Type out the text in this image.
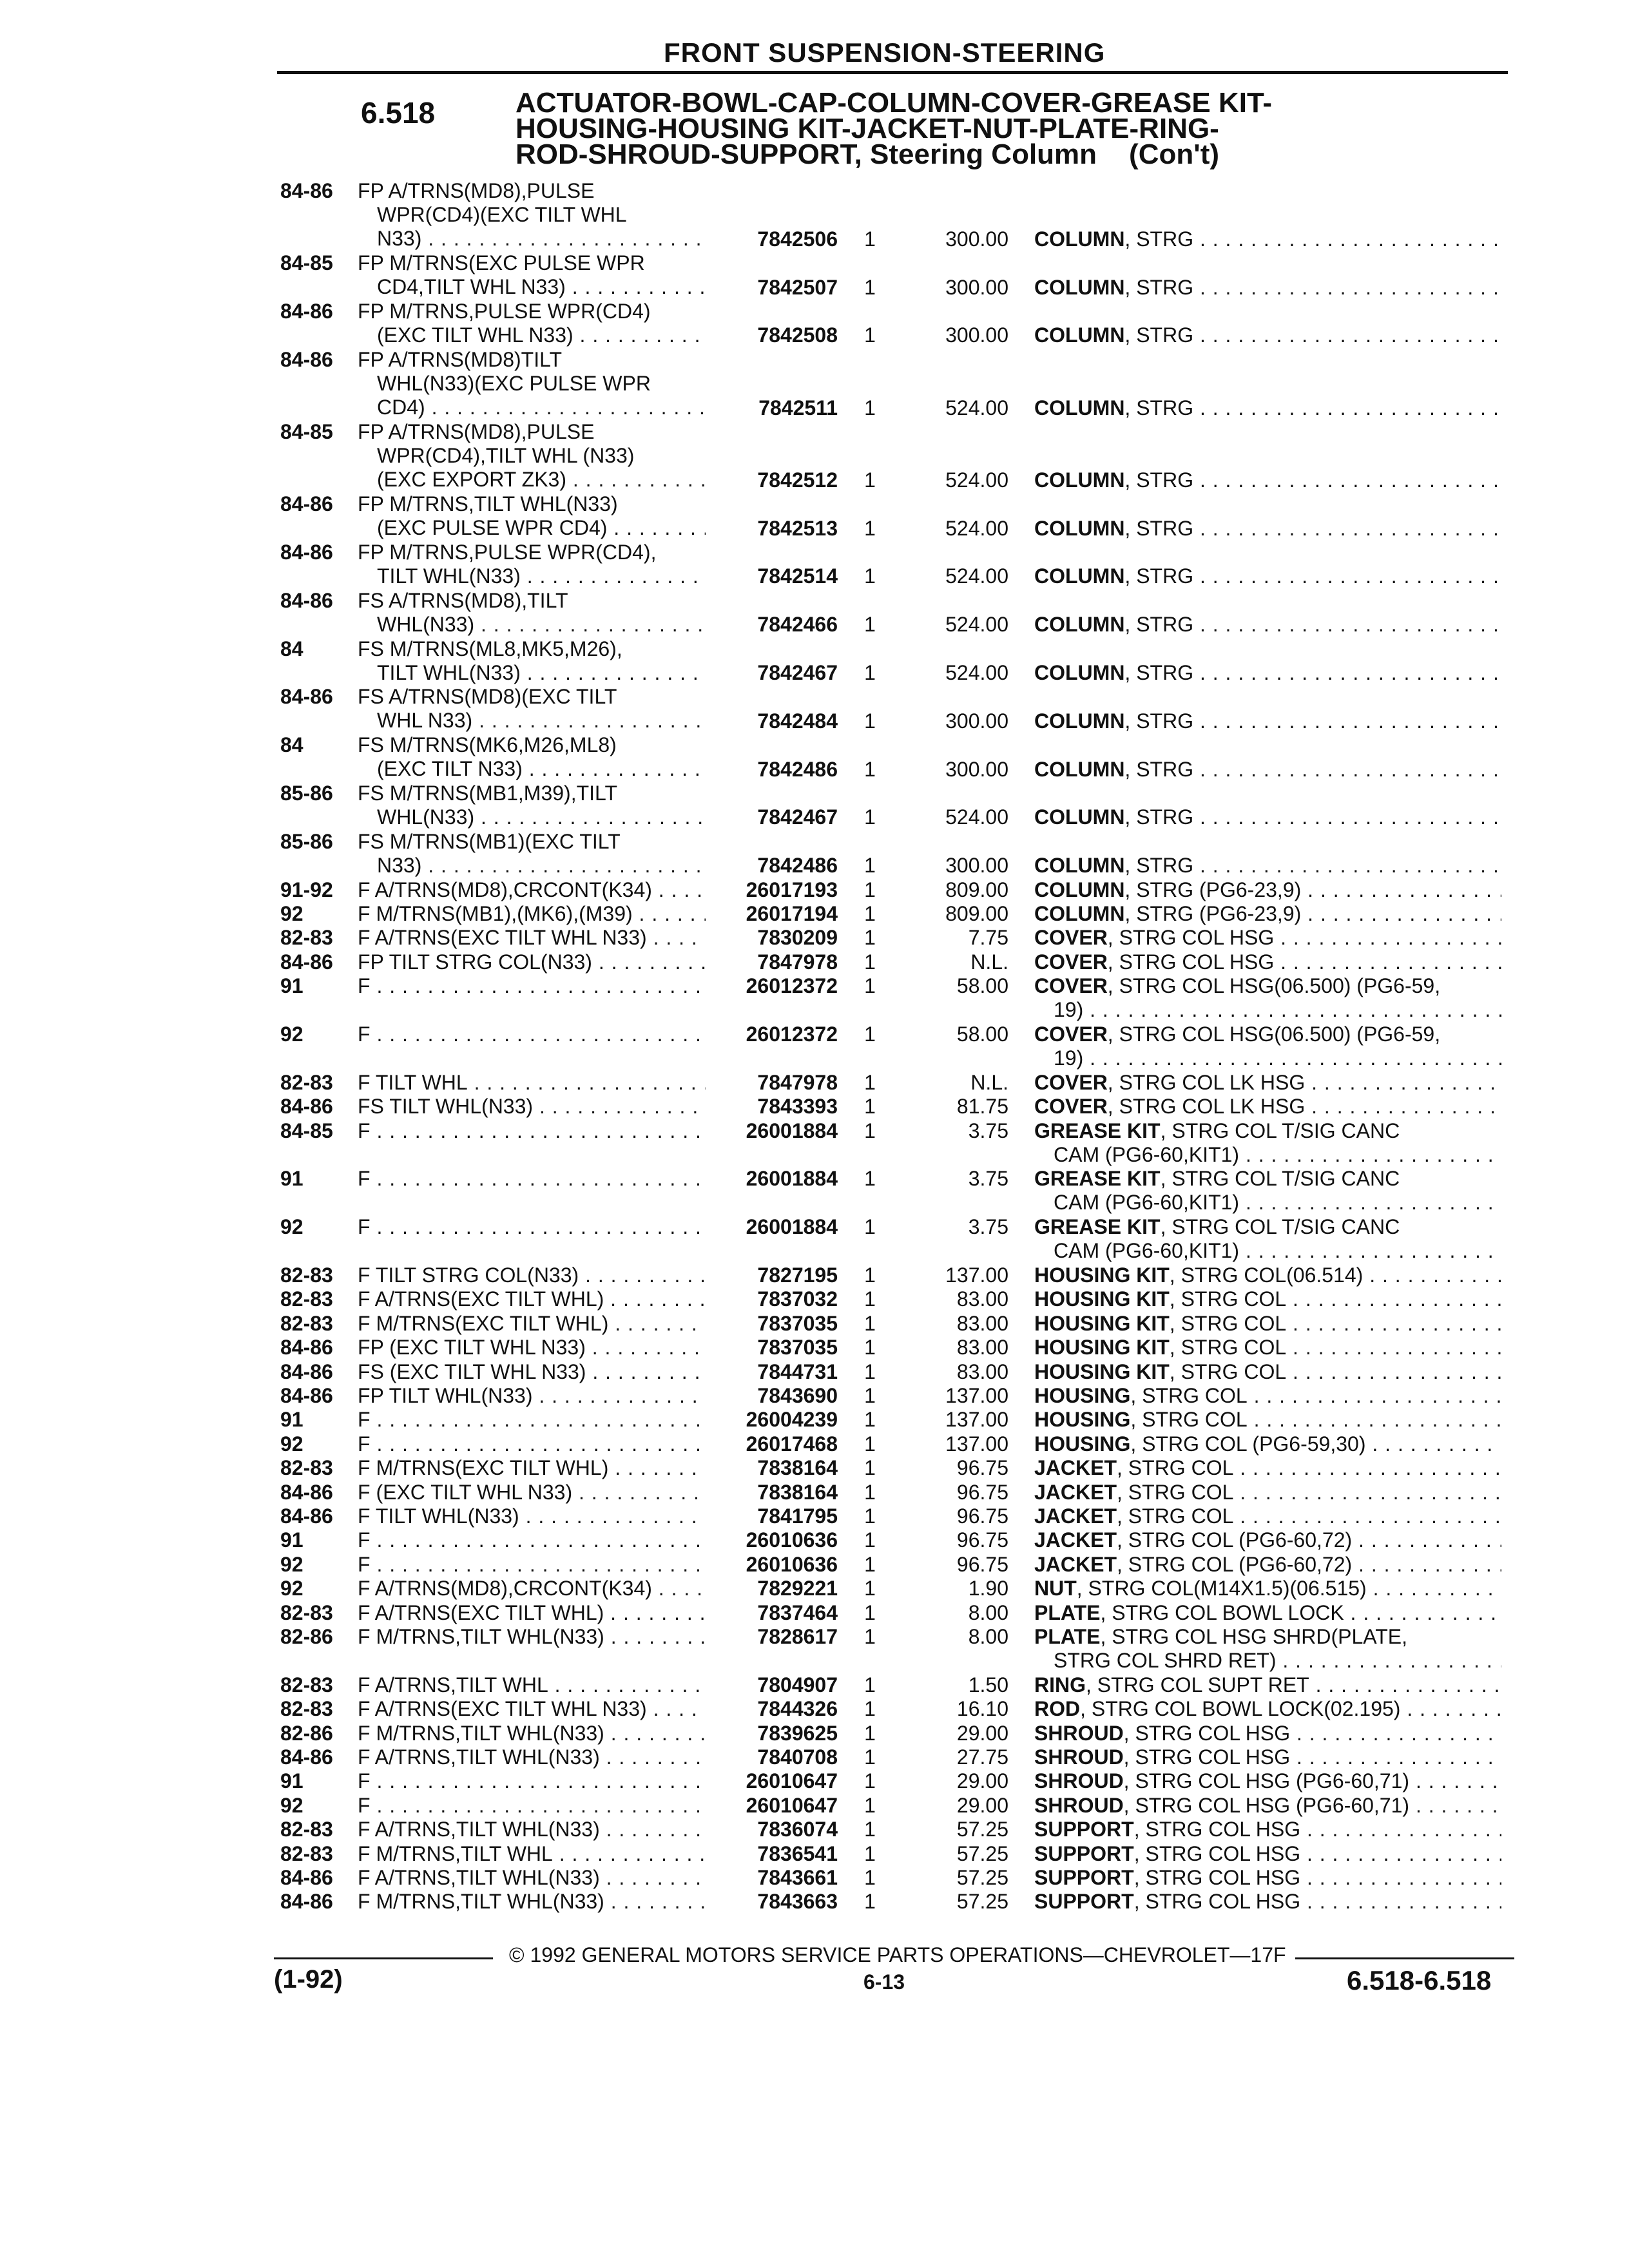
FRONT SUSPENSION-STEERING
6.518	ACTUATOR-BOWL-CAP-COLUMN-COVER-GREASE KIT-
HOUSING-HOUSING KIT-JACKET-NUT-PLATE-RING-
ROD-SHROUD-SUPPORT, Steering Column (Con't)
84-86 FP A/TRNS(MD8),PULSE
WPR(CD4)(EXC TILT WHL
N33) . . .	7842506 1	300.00 COLUMN, STRG . . .
84-85 FP M/TRNS(EXC PULSE WPR
CD4,TILT WHL N33) . . .	7842507 1	300.00 COLUMN, STRG . . .
84-86 FP M/TRNS,PULSE WPR(CD4)
(EXC TILT WHL N33) . . .	7842508 1	300.00 COLUMN, STRG . . .
84-86 FP A/TRNS(MD8)TILT
WHL(N33)(EXC PULSE WPR
CD4) . . .	7842511 1	524.00 COLUMN, STRG . . .
84-85 FP A/TRNS(MD8),PULSE
WPR(CD4),TILT WHL (N33)
(EXC EXPORT ZK3) . . .	7842512 1	524.00 COLUMN, STRG . . .
84-86 FP M/TRNS,TILT WHL(N33)
(EXC PULSE WPR CD4) . . .	7842513 1	524.00 COLUMN, STRG . . .
84-86 FP M/TRNS,PULSE WPR(CD4),
TILT WHL(N33) . . .	7842514 1	524.00 COLUMN, STRG . . .
84-86 FS A/TRNS(MD8),TILT
WHL(N33) . . .	7842466 1	524.00 COLUMN, STRG . . .
84	FS M/TRNS(ML8,MK5,M26),
TILT WHL(N33) . . .	7842467 1	524.00 COLUMN, STRG . . .
84-86 FS A/TRNS(MD8)(EXC TILT
WHL N33) . . .	7842484 1	300.00 COLUMN, STRG . . .
84	FS M/TRNS(MK6,M26,ML8)
(EXC TILT N33) . . .	7842486 1	300.00 COLUMN, STRG . . .
85-86 FS M/TRNS(MB1,M39),TILT
WHL(N33) . . .	7842467 1	524.00 COLUMN, STRG . . .
85-86 FS M/TRNS(MB1)(EXC TILT
N33) . . .	7842486 1	300.00 COLUMN, STRG . . .
91-92 F A/TRNS(MD8),CRCONT(K34) . . .	26017193 1	809.00 COLUMN, STRG (PG6-23,9) . . .
92	F M/TRNS(MB1),(MK6),(M39) . . .	26017194 1	809.00 COLUMN, STRG (PG6-23,9) . . .
82-83 F A/TRNS(EXC TILT WHL N33) . . .	7830209 1	7.75 COVER, STRG COL HSG . . .
84-86 FP TILT STRG COL(N33) . . .	7847978 1	N.L. COVER, STRG COL HSG . . .
91	F . . .	26012372 1	58.00 COVER, STRG COL HSG(06.500) (PG6-59,
19) . . .
92	F . . .	26012372 1	58.00 COVER, STRG COL HSG(06.500) (PG6-59,
19) . . .
82-83 F TILT WHL . . .	7847978 1	N.L. COVER, STRG COL LK HSG . . .
84-86 FS TILT WHL(N33) . . .	7843393 1	81.75 COVER, STRG COL LK HSG . . .
84-85 F . . .	26001884 1	3.75 GREASE KIT, STRG COL T/SIG CANC
CAM (PG6-60,KIT1) . . .
91	F . . .	26001884 1	3.75 GREASE KIT, STRG COL T/SIG CANC
CAM (PG6-60,KIT1) . . .
92	F . . .	26001884 1	3.75 GREASE KIT, STRG COL T/SIG CANC
CAM (PG6-60,KIT1) . . .
82-83 F TILT STRG COL(N33) . . .	7827195 1	137.00 HOUSING KIT, STRG COL(06.514) . . .
82-83 F A/TRNS(EXC TILT WHL) . . .	7837032 1	83.00 HOUSING KIT, STRG COL . . .
82-83 F M/TRNS(EXC TILT WHL) . . .	7837035 1	83.00 HOUSING KIT, STRG COL . . .
84-86 FP (EXC TILT WHL N33) . . .	7837035 1	83.00 HOUSING KIT, STRG COL . . .
84-86 FS (EXC TILT WHL N33) . . .	7844731 1	83.00 HOUSING KIT, STRG COL . . .
84-86 FP TILT WHL(N33) . . .	7843690 1	137.00 HOUSING, STRG COL . . .
91	F . . .	26004239 1	137.00 HOUSING, STRG COL . . .
92	F . . .	26017468 1	137.00 HOUSING, STRG COL (PG6-59,30) . . .
82-83 F M/TRNS(EXC TILT WHL) . . .	7838164 1	96.75 JACKET, STRG COL . . .
84-86 F (EXC TILT WHL N33) . . .	7838164 1	96.75 JACKET, STRG COL . . .
84-86 F TILT WHL(N33) . . .	7841795 1	96.75 JACKET, STRG COL . . .
91	F . . .	26010636 1	96.75 JACKET, STRG COL (PG6-60,72) . . .
92	F . . .	26010636 1	96.75 JACKET, STRG COL (PG6-60,72) . . .
92	F A/TRNS(MD8),CRCONT(K34) . . .	7829221 1	1.90 NUT, STRG COL(M14X1.5)(06.515) . . .
82-83 F A/TRNS(EXC TILT WHL) . . .	7837464 1	8.00 PLATE, STRG COL BOWL LOCK . . .
82-86 F M/TRNS,TILT WHL(N33) . . .	7828617 1	8.00 PLATE, STRG COL HSG SHRD(PLATE,
STRG COL SHRD RET) . . .
82-83 F A/TRNS,TILT WHL . . .	7804907 1	1.50 RING, STRG COL SUPT RET . . .
82-83 F A/TRNS(EXC TILT WHL N33) . . .	7844326 1	16.10 ROD, STRG COL BOWL LOCK(02.195) . . .
82-86 F M/TRNS,TILT WHL(N33) . . .	7839625 1	29.00 SHROUD, STRG COL HSG . . .
84-86 F A/TRNS,TILT WHL(N33) . . .	7840708 1	27.75 SHROUD, STRG COL HSG . . .
91	F . . .	26010647 1	29.00 SHROUD, STRG COL HSG (PG6-60,71) . . .
92	F . . .	26010647 1	29.00 SHROUD, STRG COL HSG (PG6-60,71) . . .
82-83 F A/TRNS,TILT WHL(N33) . . .	7836074 1	57.25 SUPPORT, STRG COL HSG . . .
82-83 F M/TRNS,TILT WHL . . .	7836541 1	57.25 SUPPORT, STRG COL HSG . . .
84-86 F A/TRNS,TILT WHL(N33) . . .	7843661 1	57.25 SUPPORT, STRG COL HSG . . .
84-86 F M/TRNS,TILT WHL(N33) . . .	7843663 1	57.25 SUPPORT, STRG COL HSG . . .
© 1992 GENERAL MOTORS SERVICE PARTS OPERATIONS—CHEVROLET—17F
(1-92)	6-13	6.518-6.518
